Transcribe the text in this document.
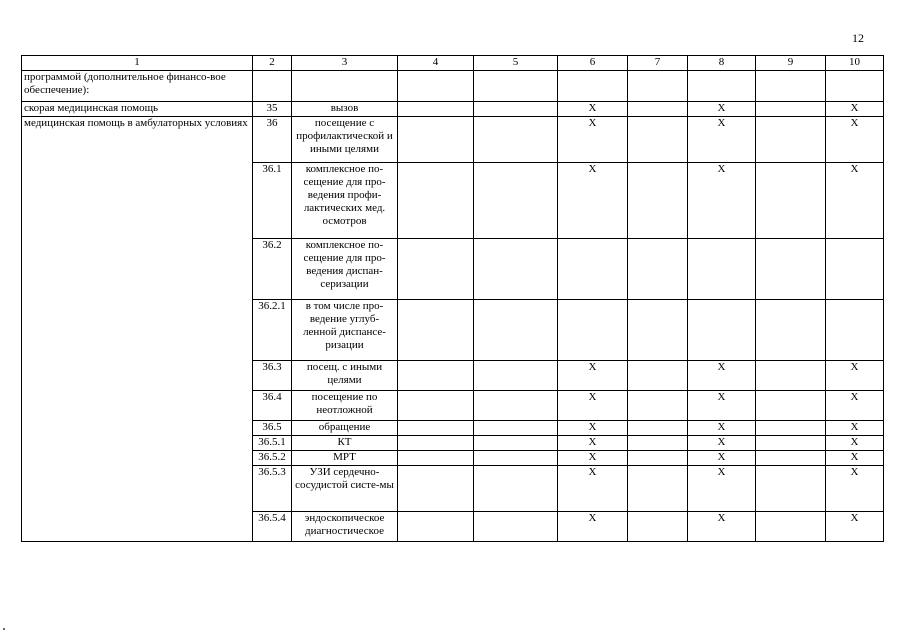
12
1	2	3	4	5	6	7	8	9	10
программой (дополнительное финансо-вое обеспечение):									
скорая медицинская помощь	35	вызов			X		X		X
медицинская помощь в амбулаторных условиях	36	посещение с профилактической и иными целями			X		X		X
	36.1	комплексное по-сещение для про-ведения профи-лактических мед. осмотров			X		X		X
	36.2	комплексное по-сещение для про-ведения диспан-серизации							
	36.2.1	в том числе про-ведение углуб-ленной диспансе-ризации							
	36.3	посещ. с иными целями			X		X		X
	36.4	посещение по неотложной			X		X		X
	36.5	обращение			X		X		X
	36.5.1	КТ			X		X		X
	36.5.2	МРТ			X		X		X
	36.5.3	УЗИ сердечно-сосудистой систе-мы			X		X		X
	36.5.4	эндоскопическое диагностическое			X		X		X
